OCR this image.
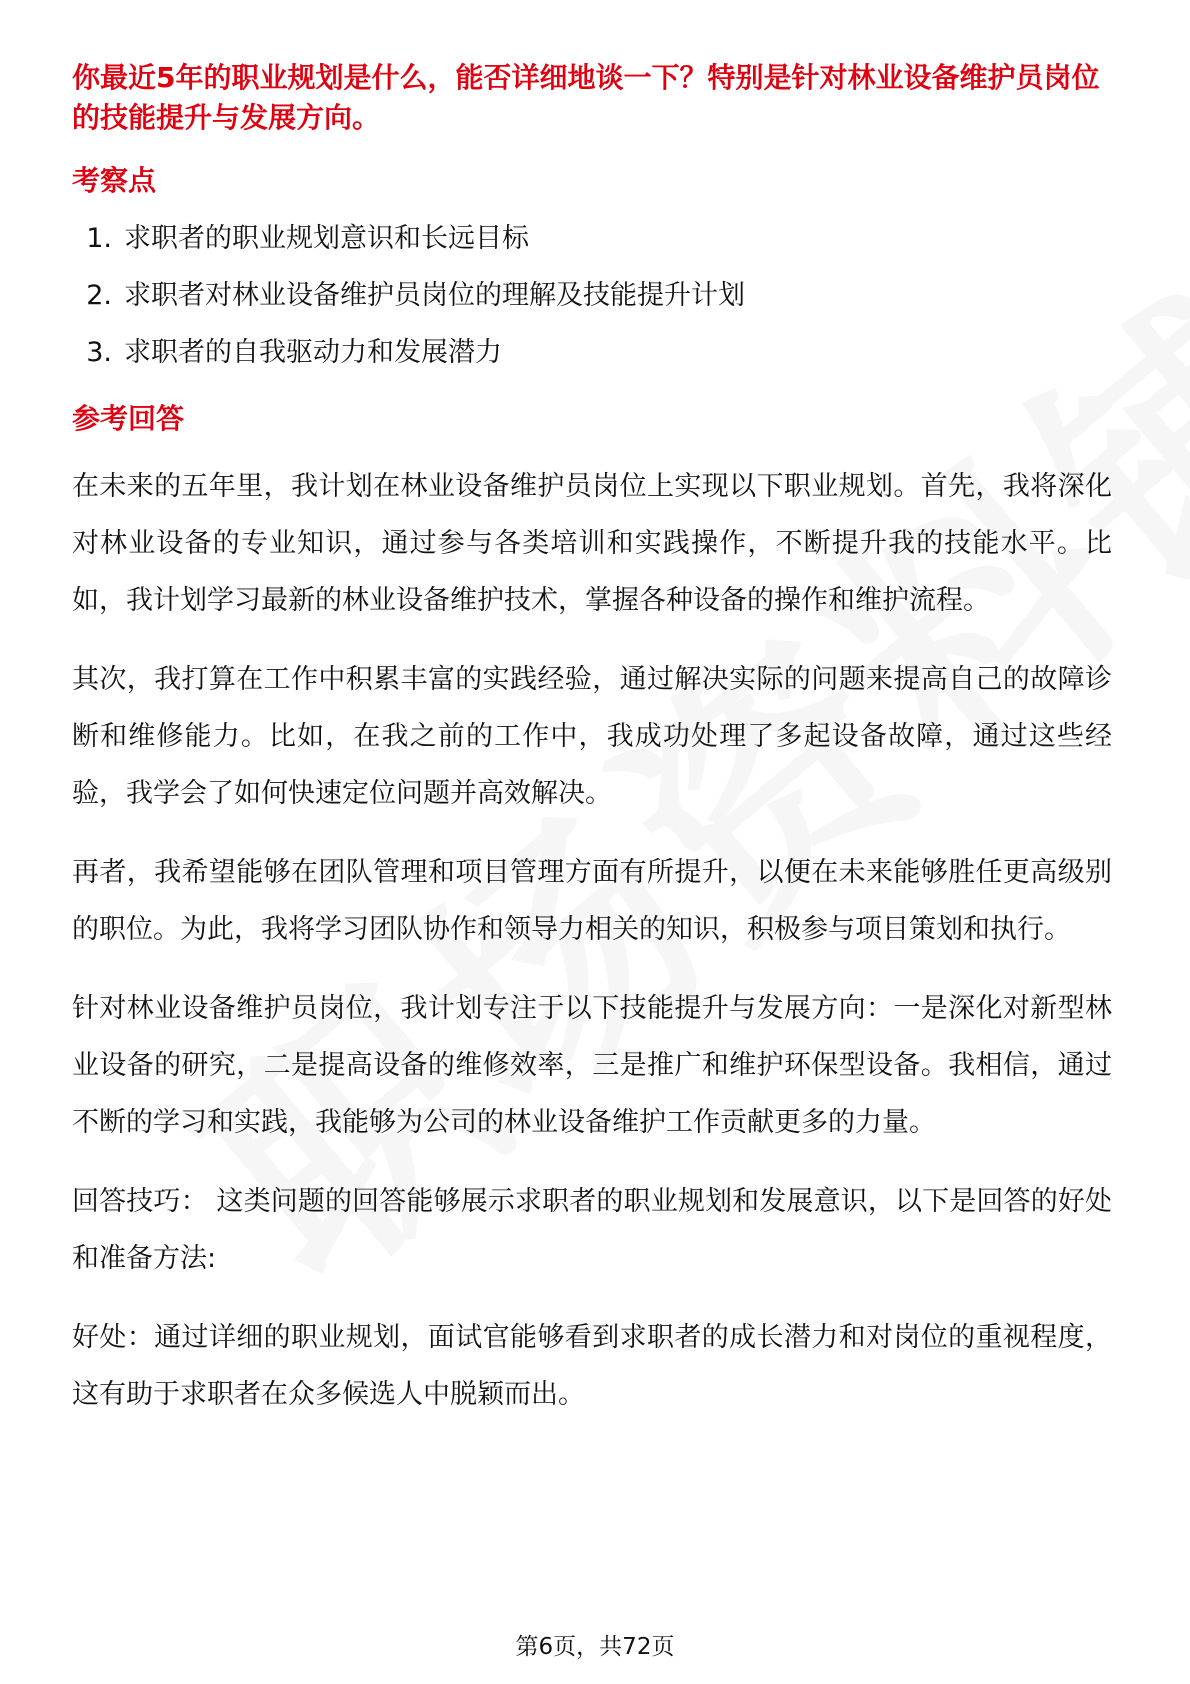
你最近5年的职业规划是什么，能否详细地谈一下？特别是针对林业设备维护员岗位的技能提升与发展方向。
考察点
1. 求职者的职业规划意识和长远目标
2. 求职者对林业设备维护员岗位的理解及技能提升计划
3. 求职者的自我驱动力和发展潜力
参考回答

在未来的五年里，我计划在林业设备维护员岗位上实现以下职业规划。首先，我将深化对林业设备的专业知识，通过参与各类培训和实践操作，不断提升我的技能水平。比如，我计划学习最新的林业设备维护技术，掌握各种设备的操作和维护流程。

其次，我打算在工作中积累丰富的实践经验，通过解决实际的问题来提高自己的故障诊断和维修能力。比如，在我之前的工作中，我成功处理了多起设备故障，通过这些经验，我学会了如何快速定位问题并高效解决。

再者，我希望能够在团队管理和项目管理方面有所提升，以便在未来能够胜任更高级别的职位。为此，我将学习团队协作和领导力相关的知识，积极参与项目策划和执行。

针对林业设备维护员岗位，我计划专注于以下技能提升与发展方向：一是深化对新型林业设备的研究，二是提高设备的维修效率，三是推广和维护环保型设备。我相信，通过不断的学习和实践，我能够为公司的林业设备维护工作贡献更多的力量。

回答技巧： 这类问题的回答能够展示求职者的职业规划和发展意识，以下是回答的好处和准备方法:

好处：通过详细的职业规划，面试官能够看到求职者的成长潜力和对岗位的重视程度，这有助于求职者在众多候选人中脱颖而出。

第6页，共72页
